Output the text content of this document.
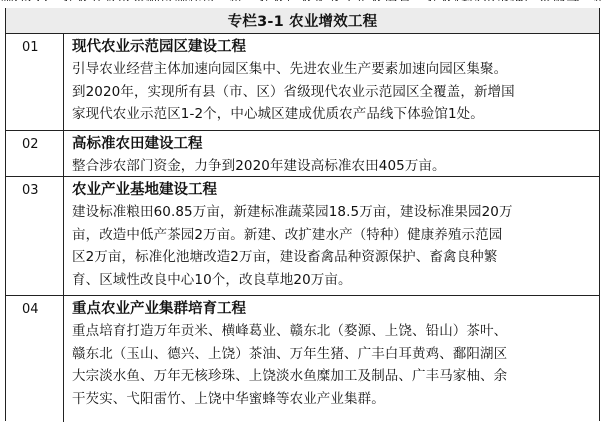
专栏3-1 农业增效工程
01	现代农业示范园区建设工程
引导农业经营主体加速向园区集中、先进农业生产要素加速向园区集聚。
到2020年，实现所有县（市、区）省级现代农业示范园区全覆盖，新增国
家现代农业示范区1-2个，中心城区建成优质农产品线下体验馆1处。
02	高标准农田建设工程
整合涉农部门资金，力争到2020年建设高标准农田405万亩。
03	农业产业基地建设工程
建设标准粮田60.85万亩，新建标准蔬菜园18.5万亩，建设标准果园20万
亩，改造中低产茶园2万亩。新建、改扩建水产（特种）健康养殖示范园
区2万亩，标准化池塘改造2万亩，建设畜禽品种资源保护、畜禽良种繁
育、区域性改良中心10个，改良草地20万亩。
04	重点农业产业集群培育工程
重点培育打造万年贡米、横峰葛业、赣东北（婺源、上饶、铅山）茶叶、
赣东北（玉山、德兴、上饶）茶油、万年生猪、广丰白耳黄鸡、鄱阳湖区
大宗淡水鱼、万年无核珍珠、上饶淡水鱼糜加工及制品、广丰马家柚、余
干芡实、弋阳雷竹、上饶中华蜜蜂等农业产业集群。
